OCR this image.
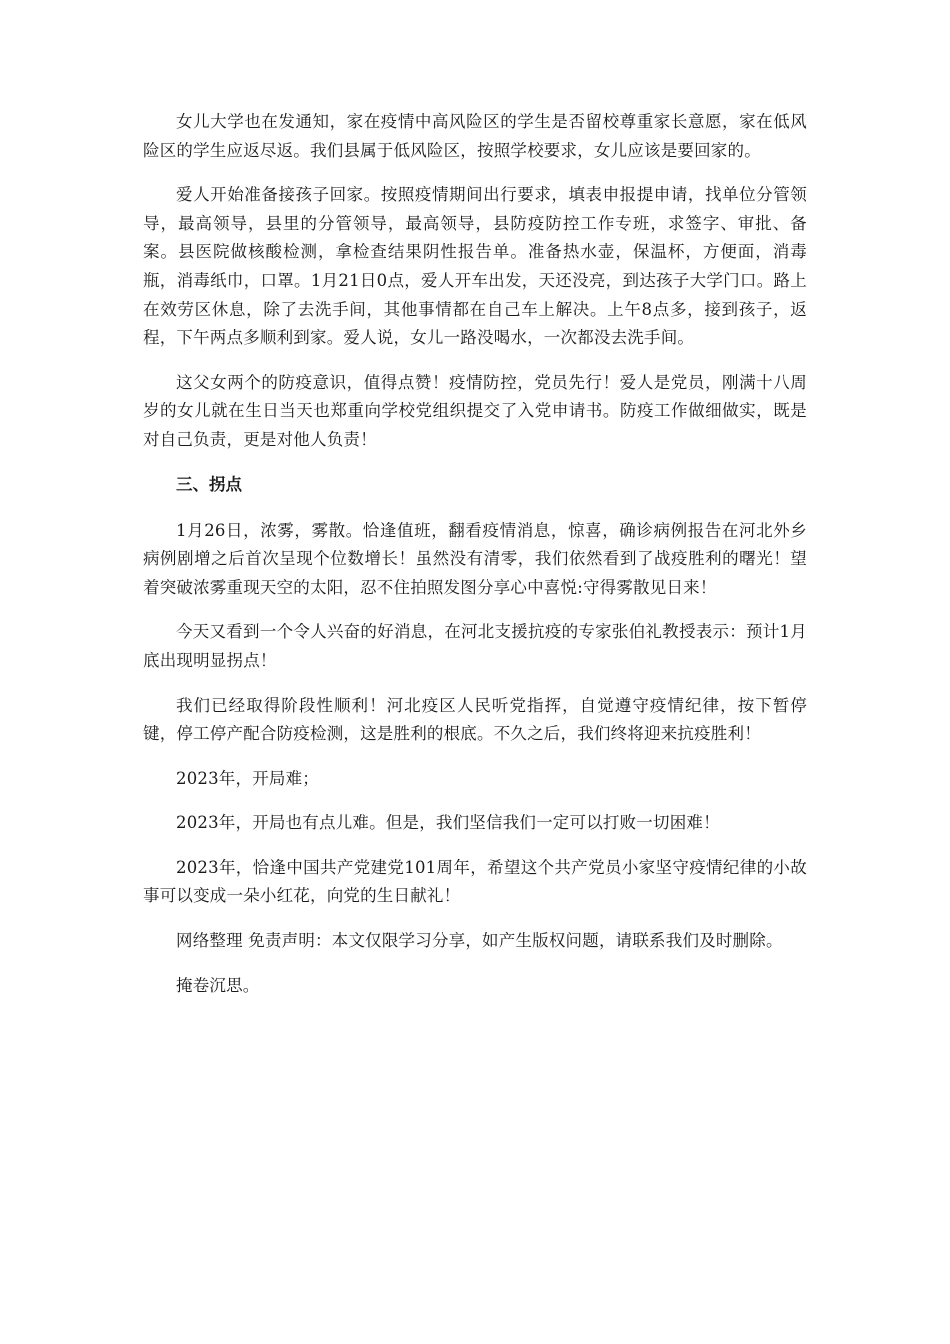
女儿大学也在发通知，家在疫情中高风险区的学生是否留校尊重家长意愿，家在低风险区的学生应返尽返。我们县属于低风险区，按照学校要求，女儿应该是要回家的。

爱人开始准备接孩子回家。按照疫情期间出行要求，填表申报提申请，找单位分管领导，最高领导，县里的分管领导，最高领导，县防疫防控工作专班，求签字、审批、备案。县医院做核酸检测，拿检查结果阴性报告单。准备热水壶，保温杯，方便面，消毒瓶，消毒纸巾，口罩。1月21日0点，爱人开车出发，天还没亮，到达孩子大学门口。路上在效劳区休息，除了去洗手间，其他事情都在自己车上解决。上午8点多，接到孩子，返程，下午两点多顺利到家。爱人说，女儿一路没喝水，一次都没去洗手间。

这父女两个的防疫意识，值得点赞！疫情防控，党员先行！爱人是党员，刚满十八周岁的女儿就在生日当天也郑重向学校党组织提交了入党申请书。防疫工作做细做实，既是对自己负责，更是对他人负责！

三、拐点

1月26日，浓雾，雾散。恰逢值班，翻看疫情消息，惊喜，确诊病例报告在河北外乡病例剧增之后首次呈现个位数增长！虽然没有清零，我们依然看到了战疫胜利的曙光！望着突破浓雾重现天空的太阳，忍不住拍照发图分享心中喜悦:守得雾散见日来！

今天又看到一个令人兴奋的好消息，在河北支援抗疫的专家张伯礼教授表示：预计1月底出现明显拐点！

我们已经取得阶段性顺利！河北疫区人民听党指挥，自觉遵守疫情纪律，按下暂停键，停工停产配合防疫检测，这是胜利的根底。不久之后，我们终将迎来抗疫胜利！

2023年，开局难；

2023年，开局也有点儿难。但是，我们坚信我们一定可以打败一切困难！

2023年，恰逢中国共产党建党101周年，希望这个共产党员小家坚守疫情纪律的小故事可以变成一朵小红花，向党的生日献礼！

网络整理 免责声明：本文仅限学习分享，如产生版权问题，请联系我们及时删除。

掩卷沉思。
